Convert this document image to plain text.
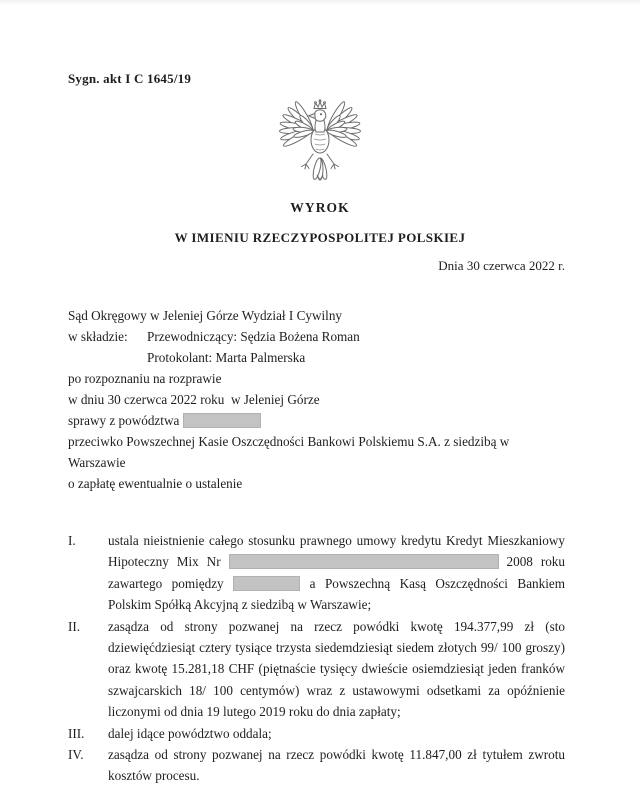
Sygn. akt I C 1645/19
WYROK
W IMIENIU RZECZYPOSPOLITEJ POLSKIEJ
Dnia 30 czerwca 2022 r.
Sąd Okręgowy w Jeleniej Górze Wydział I Cywilny
w składzie: Przewodniczący: Sędzia Bożena Roman
Protokolant: Marta Palmerska
po rozpoznaniu na rozprawie
w dniu 30 czerwca 2022 roku  w Jeleniej Górze
sprawy z powództwa
przeciwko Powszechnej Kasie Oszczędności Bankowi Polskiemu S.A. z siedzibą w Warszawie
o zapłatę ewentualnie o ustalenie
I.	ustala nieistnienie całego stosunku prawnego umowy kredytu Kredyt Mieszkaniowy Hipoteczny Mix Nr	2008 roku zawartego pomiędzy	a Powszechną Kasą Oszczędności Bankiem Polskim Spółką Akcyjną z siedzibą w Warszawie;
II.	zasądza od strony pozwanej na rzecz powódki kwotę 194.377,99 zł (sto dziewięćdziesiąt cztery tysiące trzysta siedemdziesiąt siedem złotych 99/ 100 groszy) oraz kwotę 15.281,18 CHF (piętnaście tysięcy dwieście osiemdziesiąt jeden franków szwajcarskich 18/ 100 centymów) wraz z ustawowymi odsetkami za opóźnienie liczonymi od dnia 19 lutego 2019 roku do dnia zapłaty;
III.	dalej idące powództwo oddala;
IV.	zasądza od strony pozwanej na rzecz powódki kwotę 11.847,00 zł tytułem zwrotu kosztów procesu.
